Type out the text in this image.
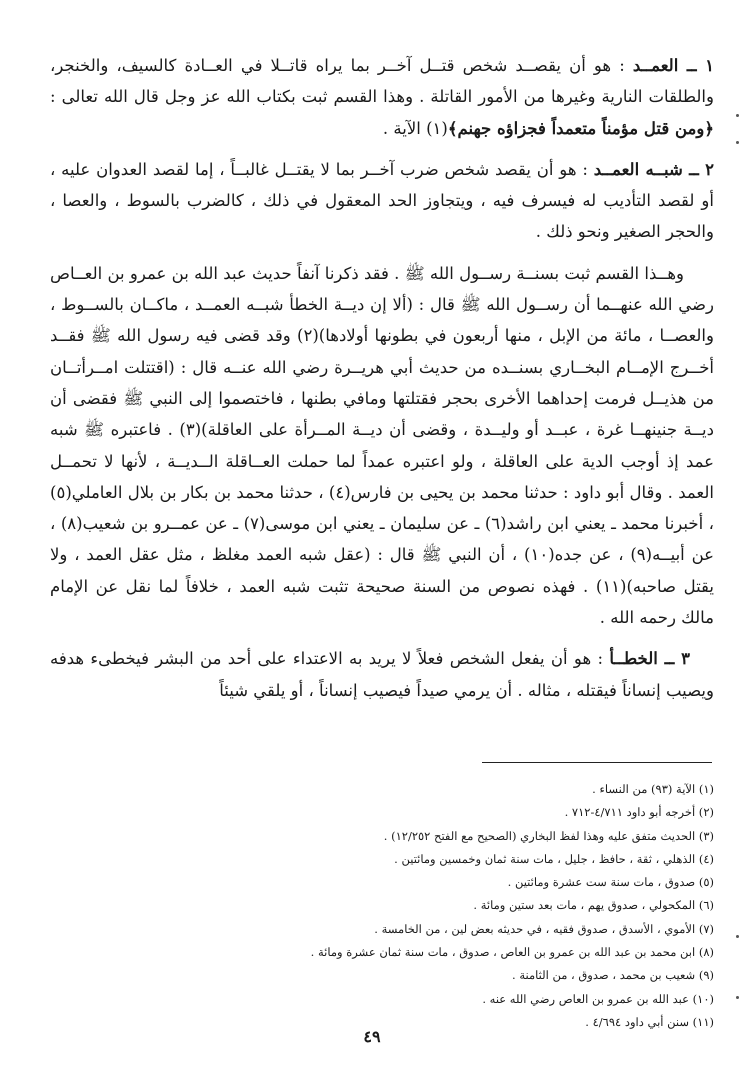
١ ــ العمــد : هو أن يقصــد شخص قتــل آخــر بما يراه قاتــلا في العــادة كالسيف، والخنجر، والطلقات النارية وغيرها من الأمور القاتلة . وهذا القسم ثبت بكتاب الله عز وجل قال الله تعالى : ﴿ومن قتل مؤمناً متعمداً فجزاؤه جهنم﴾(١) الآية .

٢ ــ شبــه العمــد : هو أن يقصد شخص ضرب آخــر بما لا يقتــل غالبــاً ، إما لقصد العدوان عليه ، أو لقصد التأديب له فيسرف فيه ، ويتجاوز الحد المعقول في ذلك ، كالضرب بالسوط ، والعصا ، والحجر الصغير ونحو ذلك .

وهــذا القسم ثبت بسنــة رســول الله ﷺ . فقد ذكرنا آنفاً حديث عبد الله بن عمرو بن العــاص رضي الله عنهــما أن رســول الله ﷺ قال : (ألا إن ديــة الخطأ شبــه العمــد ، ماكــان بالســوط ، والعصــا ، مائة من الإبل ، منها أربعون في بطونها أولادها)(٢) وقد قضى فيه رسول الله ﷺ فقــد أخــرج الإمــام البخــاري بسنــده من حديث أبي هريــرة رضي الله عنــه قال : (اقتتلت امــرأتــان من هذيــل فرمت إحداهما الأخرى بحجر فقتلتها ومافي بطنها ، فاختصموا إلى النبي ﷺ فقضى أن ديــة جنينهــا غرة ، عبــد أو وليــدة ، وقضى أن ديــة المــرأة على العاقلة)(٣) . فاعتبره ﷺ شبه عمد إذ أوجب الدية على العاقلة ، ولو اعتبره عمداً لما حملت العــاقلة الــديــة ، لأنها لا تحمــل العمد . وقال أبو داود : حدثنا محمد بن يحيى بن فارس(٤) ، حدثنا محمد بن بكار بن بلال العاملي(٥) ، أخبرنا محمد ـ يعني ابن راشد(٦) ـ عن سليمان ـ يعني ابن موسى(٧) ـ عن عمــرو بن شعيب(٨) ، عن أبيــه(٩) ، عن جده(١٠) ، أن النبي ﷺ قال : (عقل شبه العمد مغلظ ، مثل عقل العمد ، ولا يقتل صاحبه)(١١) . فهذه نصوص من السنة صحيحة تثبت شبه العمد ، خلافاً لما نقل عن الإمام مالك رحمه الله .

٣ ــ الخطــأ : هو أن يفعل الشخص فعلاً لا يريد به الاعتداء على أحد من البشر فيخطىء هدفه ويصيب إنساناً فيقتله ، مثاله . أن يرمي صيداً فيصيب إنساناً ، أو يلقي شيئاً

(١) الآية (٩٣) من النساء .

(٢) أخرجه أبو داود ٤/٧١١-٧١٢ .

(٣) الحديث متفق عليه وهذا لفظ البخاري (الصحيح مع الفتح ١٢/٢٥٢) .

(٤) الذهلي ، ثقة ، حافظ ، جليل ، مات سنة ثمان وخمسين ومائتين .

(٥) صدوق ، مات سنة ست عشرة ومائتين .

(٦) المكحولي ، صدوق يهم ، مات بعد ستين ومائة .

(٧) الأموي ، الأسدق ، صدوق فقيه ، في حديثه بعض لين ، من الخامسة .

(٨) ابن محمد بن عبد الله بن عمرو بن العاص ، صدوق ، مات سنة ثمان عشرة ومائة .

(٩) شعيب بن محمد ، صدوق ، من الثامنة .

(١٠) عبد الله بن عمرو بن العاص رضي الله عنه .

(١١) سنن أبي داود ٤/٦٩٤ .

٤٩
